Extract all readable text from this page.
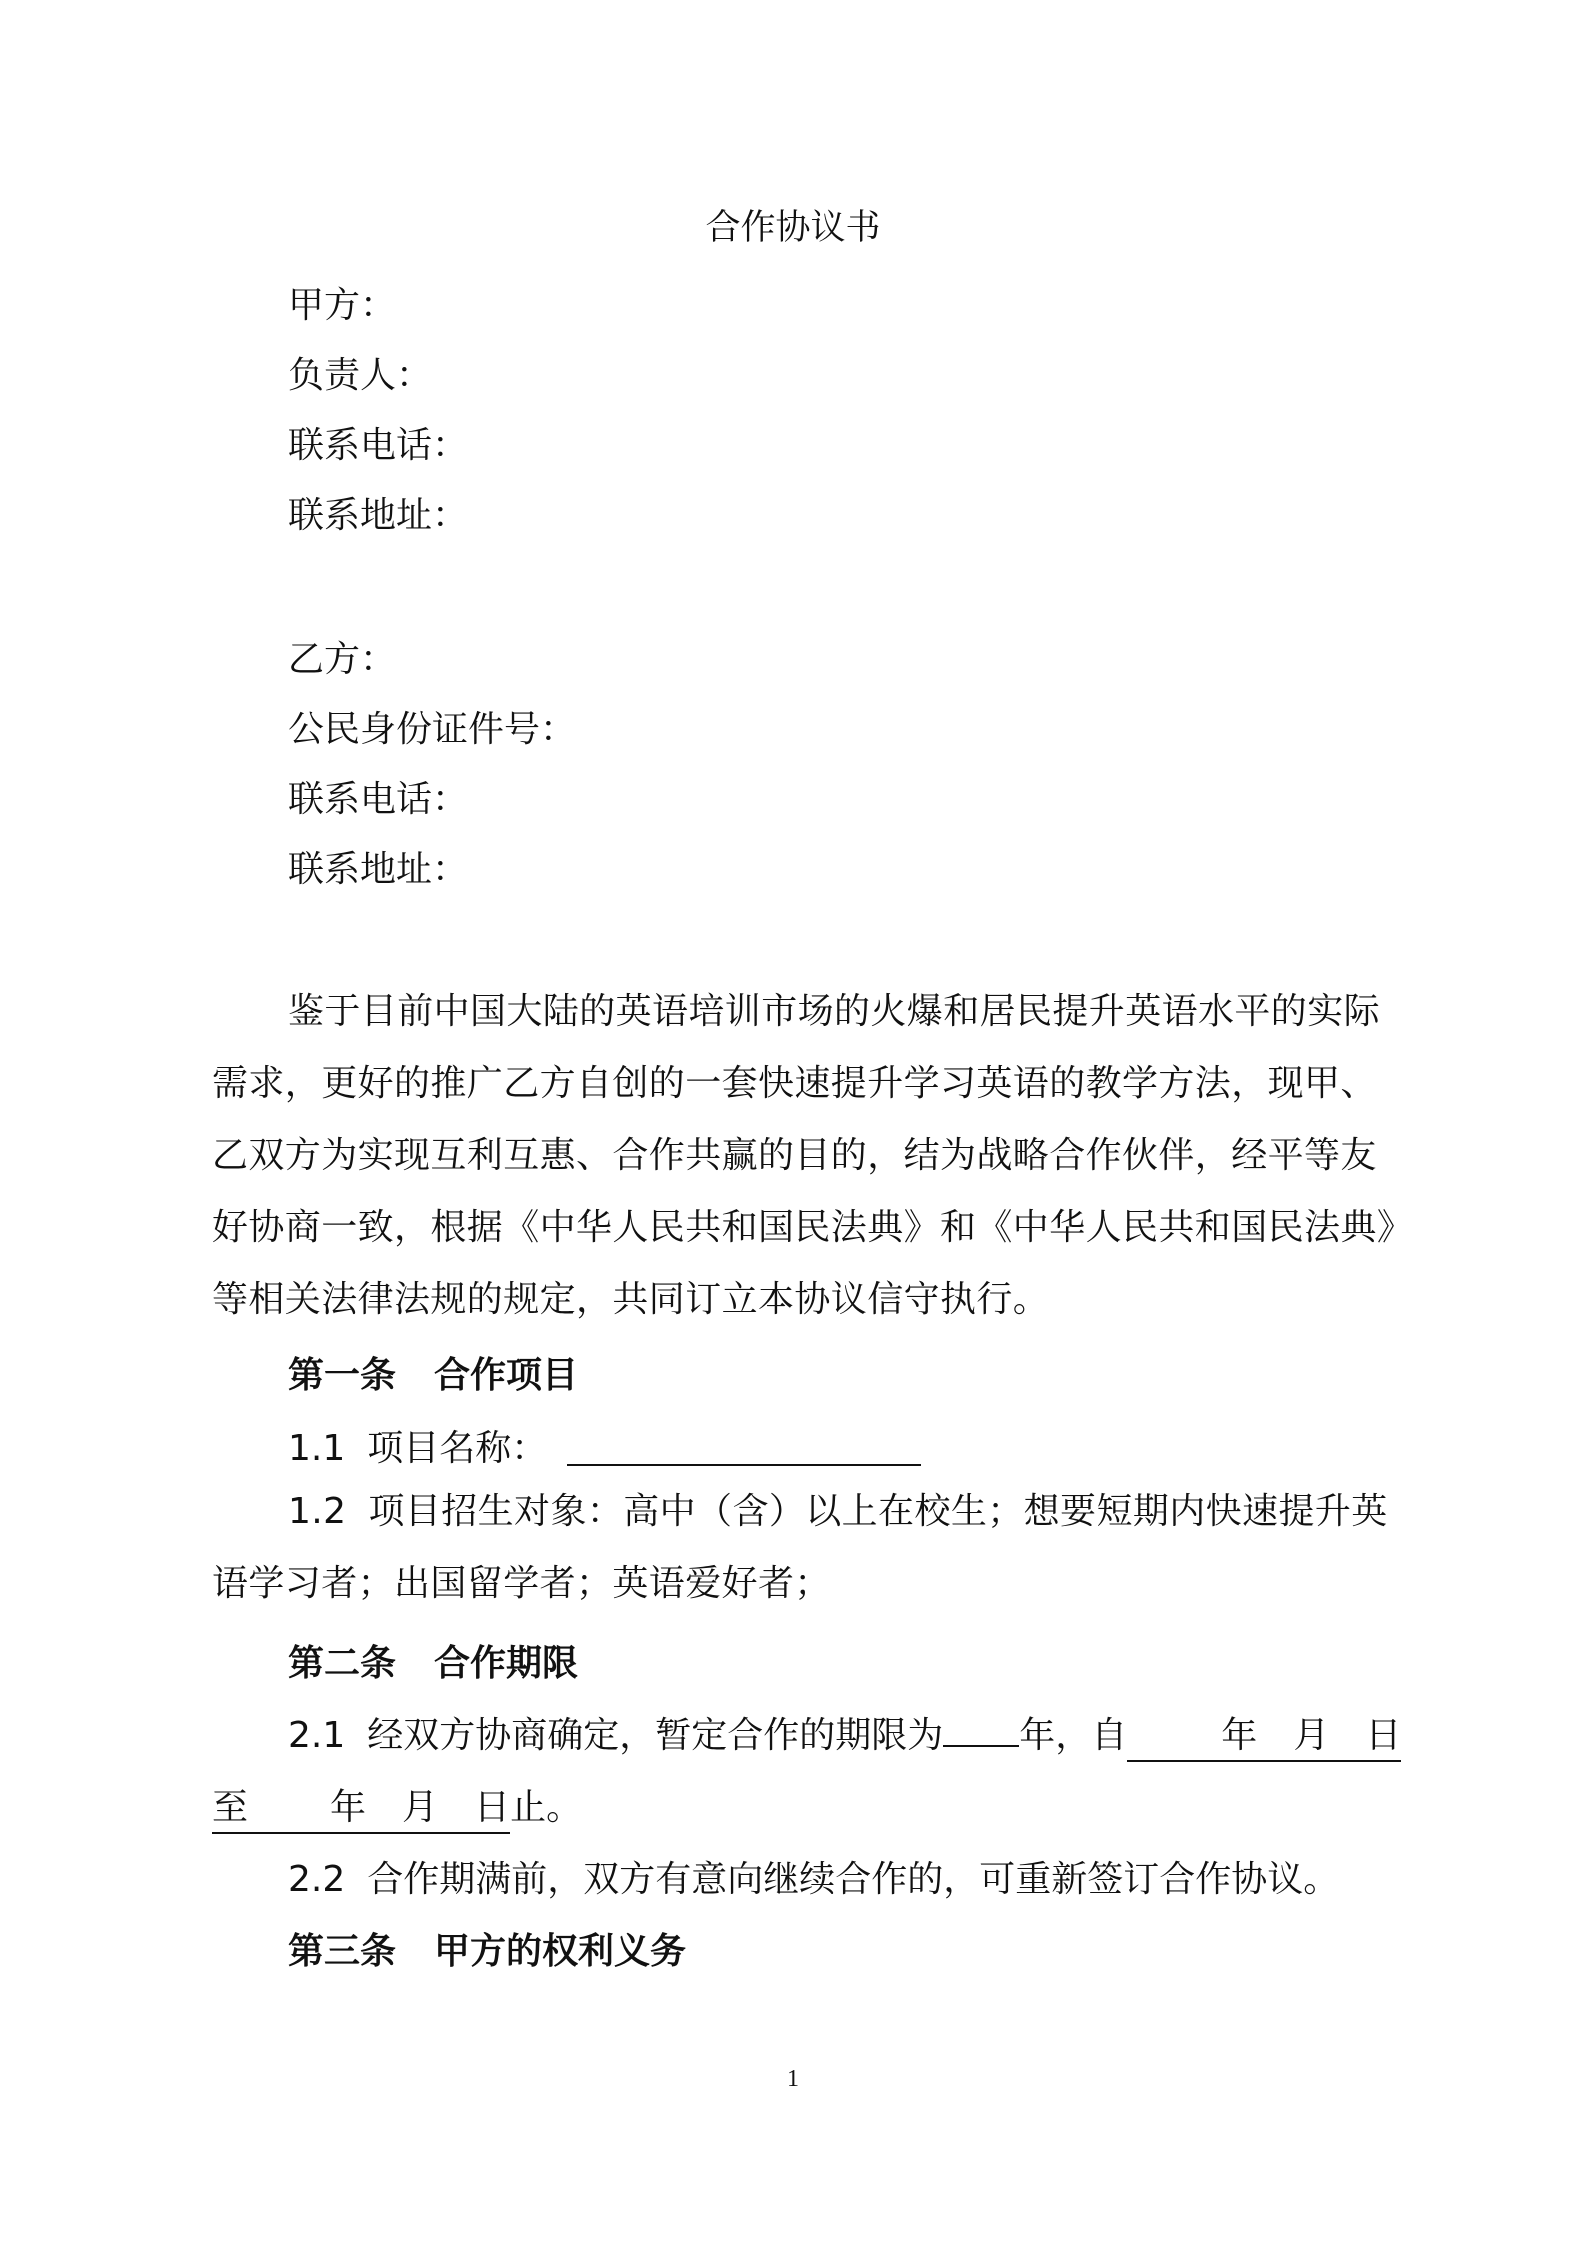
合作协议书
甲方：
负责人：
联系电话：
联系地址：
乙方：
公民身份证件号：
联系电话：
联系地址：
鉴于目前中国大陆的英语培训市场的火爆和居民提升英语水平的实际需求，更好的推广乙方自创的一套快速提升学习英语的教学方法，现甲、乙双方为实现互利互惠、合作共赢的目的，结为战略合作伙伴，经平等友好协商一致，根据《中华人民共和国民法典》和《中华人民共和国民法典》等相关法律法规的规定，共同订立本协议信守执行。
第一条 合作项目
1.1 项目名称：
1.2 项目招生对象：高中（含）以上在校生；想要短期内快速提升英语学习者；出国留学者；英语爱好者；
第二条 合作期限
2.1 经双方协商确定，暂定合作的期限为 年，自	年 月 日
至 年 月 日止。
2.2 合作期满前，双方有意向继续合作的，可重新签订合作协议。
第三条 甲方的权利义务
1
